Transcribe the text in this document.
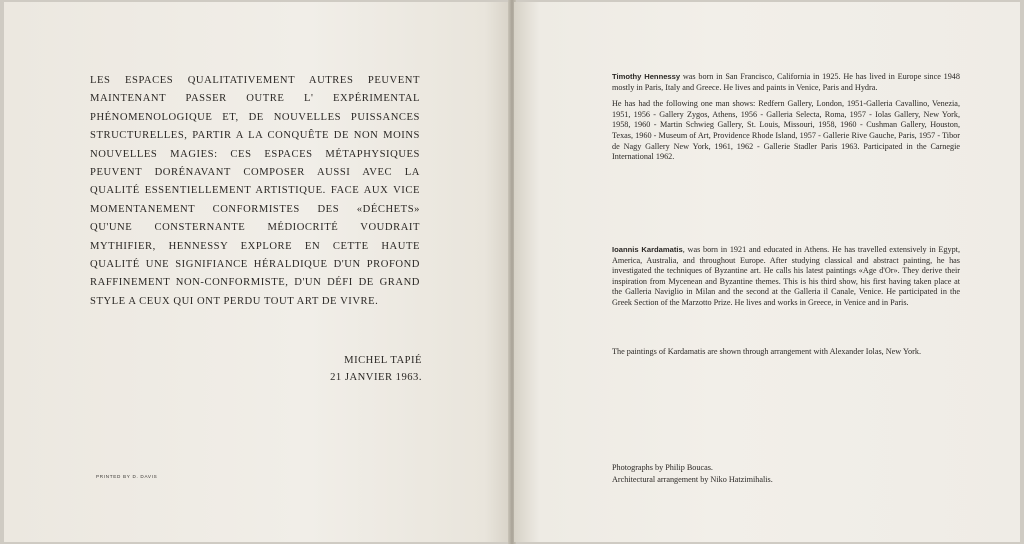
LES ESPACES QUALITATIVEMENT AUTRES PEUVENT MAINTENANT PASSER OUTRE L' EXPÉRIMENTAL PHÉNOMENOLOGIQUE ET, DE NOUVELLES PUISSANCES STRUCTURELLES, PARTIR A LA CONQUÊTE DE NON MOINS NOUVELLES MAGIES: CES ESPACES MÉTAPHYSIQUES PEUVENT DORÉNAVANT COMPOSER AUSSI AVEC LA QUALITÉ ESSENTIELLEMENT ARTISTIQUE. FACE AUX VICE MOMENTANEMENT CONFORMISTES DES «DÉCHETS» QU'UNE CONSTERNANTE MÉDIOCRITÉ VOUDRAIT MYTHIFIER, HENNESSY EXPLORE EN CETTE HAUTE QUALITÉ UNE SIGNIFIANCE HÉRALDIQUE D'UN PROFOND RAFFINEMENT NON-CONFORMISTE, D'UN DÉFI DE GRAND STYLE A CEUX QUI ONT PERDU TOUT ART DE VIVRE.
MICHEL TAPIÉ
21 JANVIER 1963.
PRINTED BY D. DAVIS

Timothy Hennessy was born in San Francisco, California in 1925. He has lived in Europe since 1948 mostly in Paris, Italy and Greece. He lives and paints in Venice, Paris and Hydra.

He has had the following one man shows: Redfern Gallery, London, 1951-Galleria Cavallino, Venezia, 1951, 1956 - Gallery Zygos, Athens, 1956 - Galleria Selecta, Roma, 1957 - Iolas Gallery, New York, 1958, 1960 - Martin Schwieg Gallery, St. Louis, Missouri, 1958, 1960 - Cushman Gallery, Houston, Texas, 1960 - Museum of Art, Providence Rhode Island, 1957 - Gallerie Rive Gauche, Paris, 1957 - Tibor de Nagy Gallery New York, 1961, 1962 - Gallerie Stadler Paris 1963. Participated in the Carnegie International 1962.

Ioannis Kardamatis, was born in 1921 and educated in Athens. He has travelled extensively in Egypt, America, Australia, and throughout Europe. After studying classical and abstract painting, he has investigated the techniques of Byzantine art. He calls his latest paintings «Age d'Or». They derive their inspiration from Mycenean and Byzantine themes. This is his third show, his first having taken place at the Galleria Naviglio in Milan and the second at the Galleria il Canale, Venice. He participated in the Greek Section of the Marzotto Prize. He lives and works in Greece, in Venice and in Paris.

The paintings of Kardamatis are shown through arrangement with Alexander Iolas, New York.

Photographs by Philip Boucas.

Architectural arrangement by Niko Hatzimihalis.
